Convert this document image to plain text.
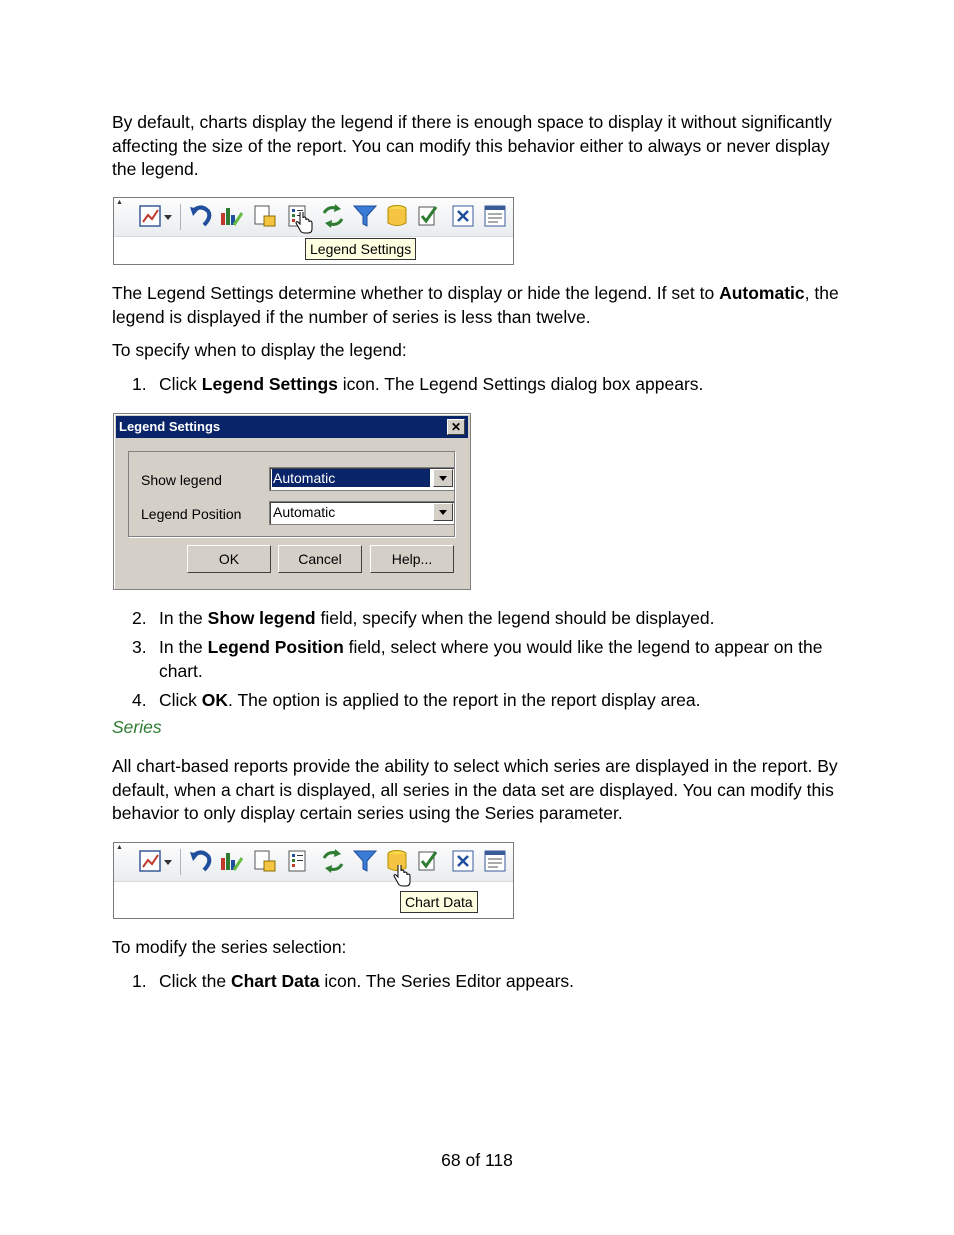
By default, charts display the legend if there is enough space to display it without significantly affecting the size of the report. You can modify this behavior either to always or never display the legend.

▲
Legend Settings

The Legend Settings determine whether to display or hide the legend. If set to Automatic, the legend is displayed if the number of series is less than twelve.

To specify when to display the legend:

1. Click Legend Settings icon. The Legend Settings dialog box appears.
Legend Settings	✕
Show legend	Automatic
Legend Position Automatic
OK	Cancel	Help...
2. In the Show legend field, specify when the legend should be displayed.
3. In the Legend Position field, select where you would like the legend to appear on the chart.
4. Click OK. The option is applied to the report in the report display area.
Series

All chart-based reports provide the ability to select which series are displayed in the report. By default, when a chart is displayed, all series in the data set are displayed. You can modify this behavior to only display certain series using the Series parameter.

▲
Chart Data

To modify the series selection:

1. Click the Chart Data icon. The Series Editor appears.
68 of 118
